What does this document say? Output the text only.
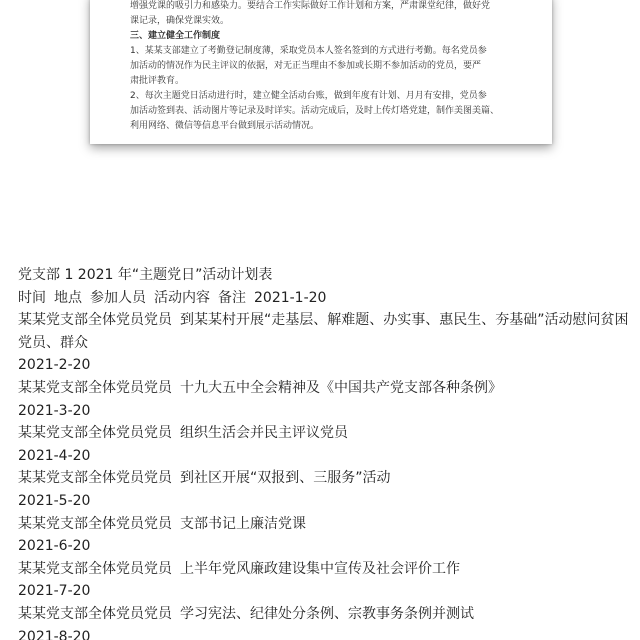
增强党课的吸引力和感染力。要结合工作实际做好工作计划和方案，严肃课堂纪律，做好党

课记录，确保党课实效。

三、建立健全工作制度

1、某某支部建立了考勤登记制度薄，采取党员本人签名签到的方式进行考勤。每名党员参

加活动的情况作为民主评议的依据，对无正当理由不参加或长期不参加活动的党员，要严

肃批评教育。

2、每次主题党日活动进行时，建立健全活动台账，做到年度有计划、月月有安排，党员参

加活动签到表、活动图片等记录及时详实。活动完成后，及时上传灯塔党建，制作美图美篇、

利用网络、微信等信息平台做到展示活动情况。

党支部 1 2021 年“主题党日”活动计划表

时间 地点 参加人员 活动内容 备注 2021-1-20

某某党支部全体党员党员 到某某村开展“走基层、解难题、办实事、惠民生、夯基础”活动慰问贫困党员、群众

2021-2-20

某某党支部全体党员党员 十九大五中全会精神及《中国共产党支部各种条例》

2021-3-20

某某党支部全体党员党员 组织生活会并民主评议党员

2021-4-20

某某党支部全体党员党员 到社区开展“双报到、三服务”活动

2021-5-20

某某党支部全体党员党员 支部书记上廉洁党课

2021-6-20

某某党支部全体党员党员 上半年党风廉政建设集中宣传及社会评价工作

2021-7-20

某某党支部全体党员党员 学习宪法、纪律处分条例、宗教事务条例并测试

2021-8-20
